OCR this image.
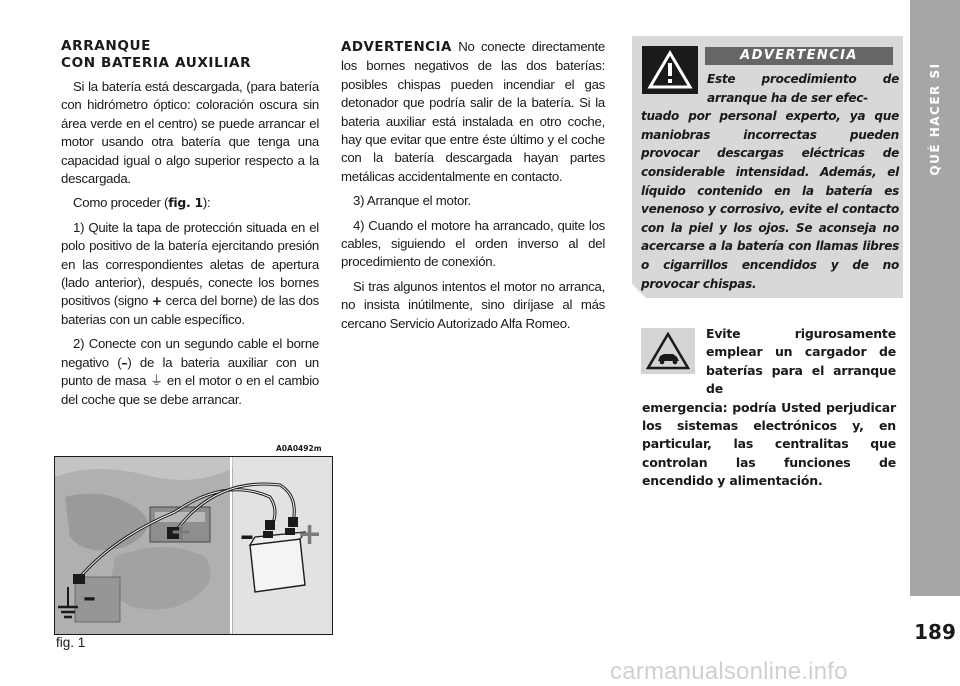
ARRANQUE
CON BATERIA AUXILIAR

Si la batería está descargada, (para batería con hidrómetro óptico: coloración oscura sin área verde en el centro) se puede arrancar el motor usando otra batería que tenga una capacidad igual o algo superior respecto a la descargada.

Como proceder (fig. 1):

1) Quite la tapa de protección situada en el polo positivo de la batería ejercitando presión en las correspondientes aletas de apertura (lado anterior), después, conecte los bornes positivos (signo + cerca del borne) de las dos baterias con un cable específico.

2) Conecte con un segundo cable el borne negativo (–) de la bateria auxiliar con un punto de masa ⏚ en el motor o en el cambio del coche que se debe arrancar.

ADVERTENCIA No conecte directamente los bornes negativos de las dos baterías: posibles chispas pueden incendiar el gas detonador que podría salir de la batería. Si la bateria auxiliar está instalada en otro coche, hay que evitar que entre éste último y el coche con la batería descargada hayan partes metálicas accidentalmente en contacto.

3) Arranque el motor.

4) Cuando el motore ha arrancado, quite los cables, siguiendo el orden inverso al del procedimiento de conexión.

Si tras algunos intentos el motor no arranca, no insista inútilmente, sino diríjase al más cercano Servicio Autorizado Alfa Romeo.

ADVERTENCIA
Este procedimiento de arranque ha de ser efec-
tuado por personal experto, ya que maniobras incorrectas pueden provocar descargas eléctricas de considerable intensidad. Además, el líquido contenido en la batería es venenoso y corrosivo, evite el contacto con la piel y los ojos. Se aconseja no acercarse a la batería con llamas libres o cigarrillos encendidos y de no provocar chispas.
Evite rigurosamente emplear un cargador de baterías para el arranque de
emergencia: podría Usted perjudicar los sistemas electrónicos y, en particular, las centralitas que controlan las funciones de encendido y alimentación.
A0A0492m
+	+
–
–
fig. 1
QUÉ HACER SI
189
carmanualsonline.info
